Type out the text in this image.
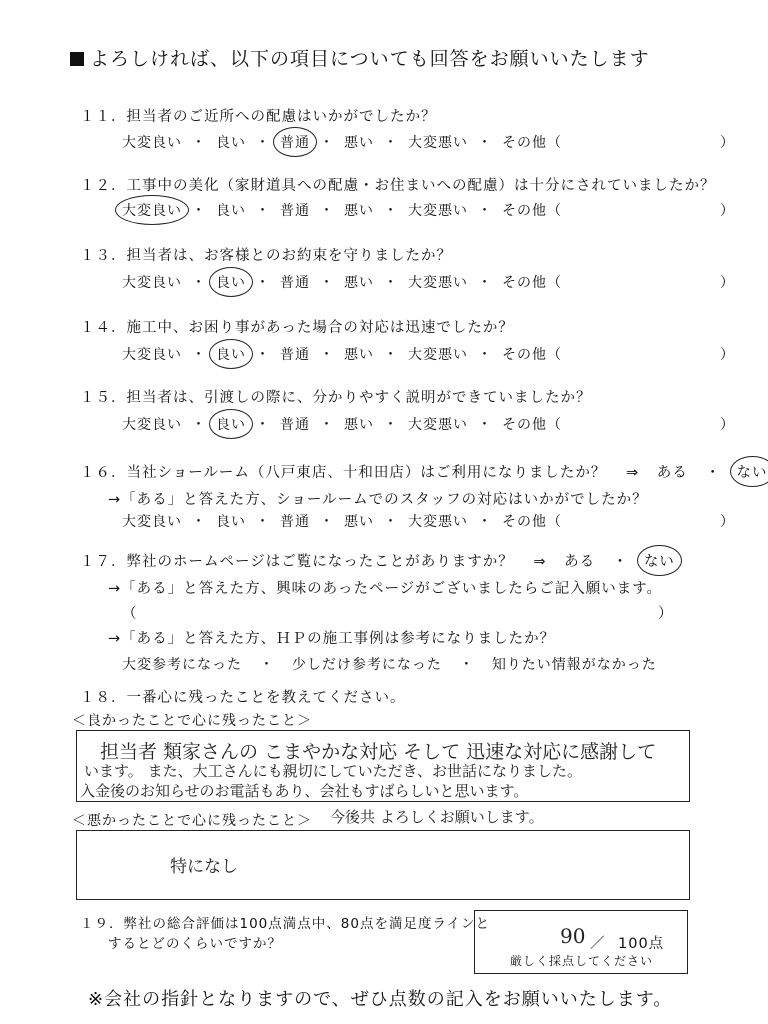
よろしければ、以下の項目についても回答をお願いいたします
１１．担当者のご近所への配慮はいかがでしたか？
大変良い ・ 良い ・ 普通 ・ 悪い ・ 大変悪い ・ その他（	）
１２．工事中の美化（家財道具への配慮・お住まいへの配慮）は十分にされていましたか？
大変良い ・ 良い ・ 普通 ・ 悪い ・ 大変悪い ・ その他（	）
１３．担当者は、お客様とのお約束を守りましたか？
大変良い ・ 良い ・ 普通 ・ 悪い ・ 大変悪い ・ その他（	）
１４．施工中、お困り事があった場合の対応は迅速でしたか？
大変良い ・ 良い ・ 普通 ・ 悪い ・ 大変悪い ・ その他（	）
１５．担当者は、引渡しの際に、分かりやすく説明ができていましたか？
大変良い ・ 良い ・ 普通 ・ 悪い ・ 大変悪い ・ その他（	）
１６．当社ショールーム（八戸東店、十和田店）はご利用になりましたか？ ⇒ ある ・ ない
→「ある」と答えた方、ショールームでのスタッフの対応はいかがでしたか？
大変良い ・ 良い ・ 普通 ・ 悪い ・ 大変悪い ・ その他（	）
１７．弊社のホームページはご覧になったことがありますか？ ⇒ ある ・ ない
→「ある」と答えた方、興味のあったページがございましたらご記入願います。
（	）
→「ある」と答えた方、ＨＰの施工事例は参考になりましたか？
大変参考になった ・ 少しだけ参考になった ・ 知りたい情報がなかった
１８．一番心に残ったことを教えてください。
＜良かったことで心に残ったこと＞
担当者 類家さんの こまやかな対応 そして 迅速な対応に感謝して
います。 また、大工さんにも親切にしていただき、お世話になりました。
入金後のお知らせのお電話もあり、会社もすばらしいと思います。
＜悪かったことで心に残ったこと＞ 今後共 よろしくお願いします。
特になし
１９．弊社の総合評価は100点満点中、80点を満足度ラインと
するとどのくらいですか？	90 ／ 100点
厳しく採点してください
※会社の指針となりますので、ぜひ点数の記入をお願いいたします。
